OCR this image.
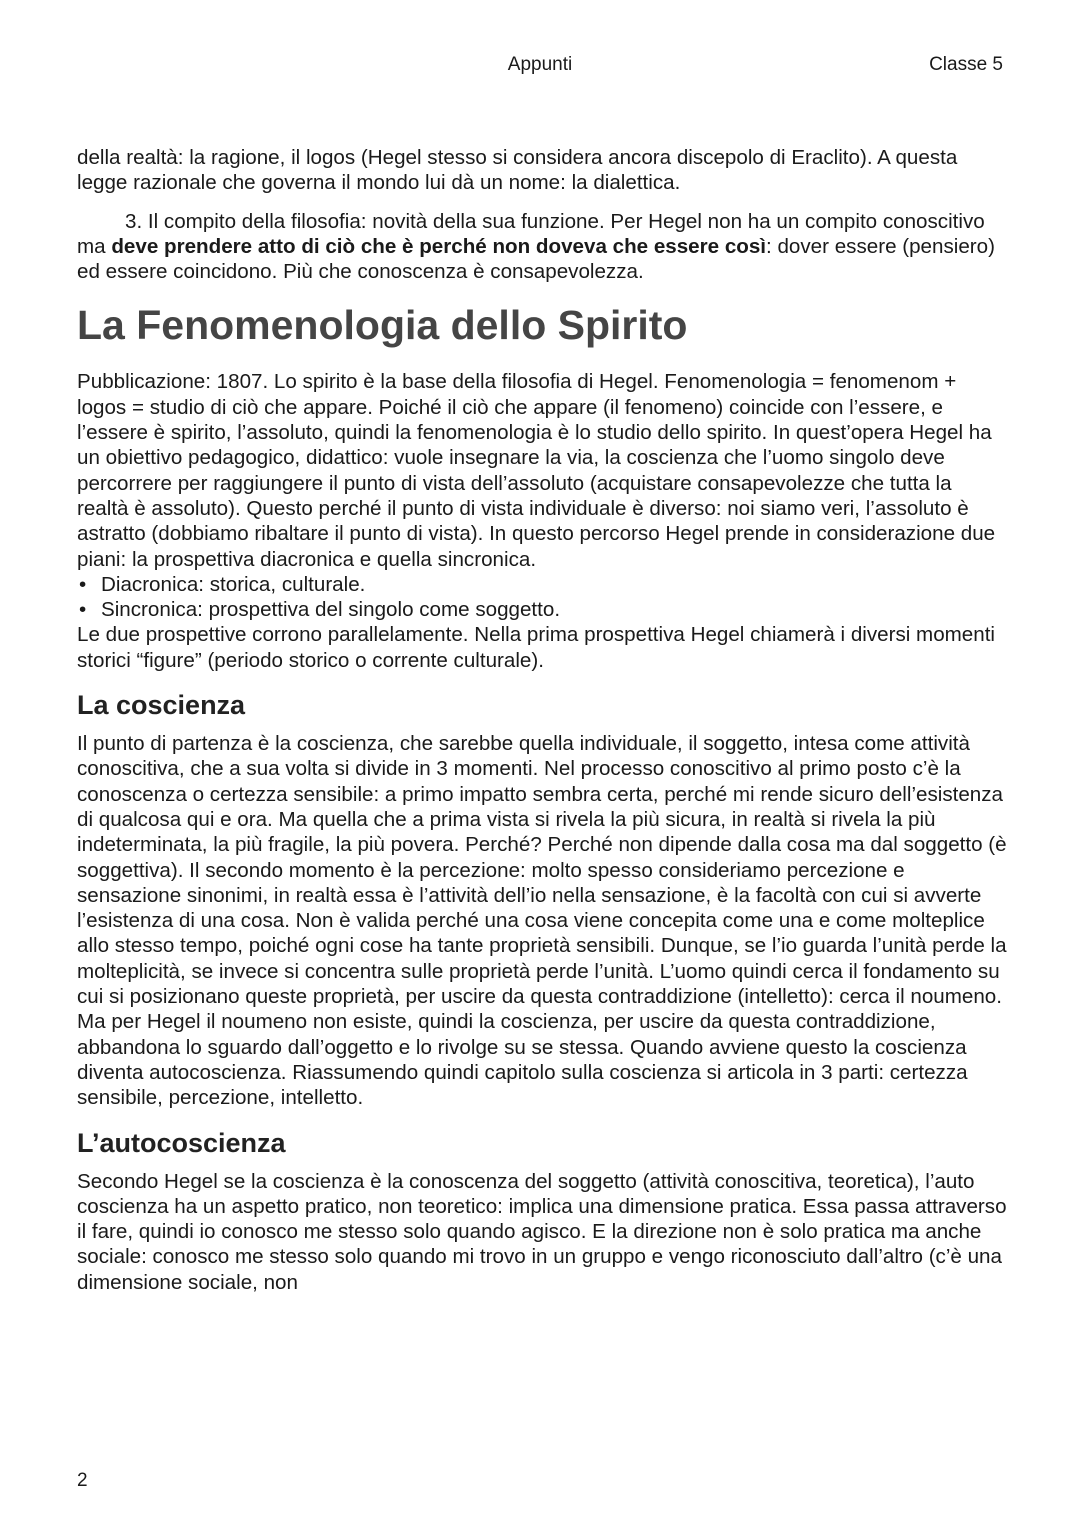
Appunti	Classe 5

della realtà: la ragione, il logos (Hegel stesso si considera ancora discepolo di Eraclito). A questa legge razionale che governa il mondo lui dà un nome: la dialettica.

3. Il compito della filosofia: novità della sua funzione. Per Hegel non ha un compito conoscitivo ma deve prendere atto di ciò che è perché non doveva che essere così: dover essere (pensiero) ed essere coincidono. Più che conoscenza è consapevolezza.

La Fenomenologia dello Spirito

Pubblicazione: 1807. Lo spirito è la base della filosofia di Hegel. Fenomenologia = fenomenom + logos = studio di ciò che appare. Poiché il ciò che appare (il fenomeno) coincide con l’essere, e l’essere è spirito, l’assoluto, quindi la fenomenologia è lo studio dello spirito. In quest’opera Hegel ha un obiettivo pedagogico, didattico: vuole insegnare la via, la coscienza che l’uomo singolo deve percorrere per raggiungere il punto di vista dell’assoluto (acquistare consapevolezze che tutta la realtà è assoluto). Questo perché il punto di vista individuale è diverso: noi siamo veri, l’assoluto è astratto (dobbiamo ribaltare il punto di vista). In questo percorso Hegel prende in considerazione due piani: la prospettiva diacronica e quella sincronica.

• Diacronica: storica, culturale.
• Sincronica: prospettiva del singolo come soggetto.

Le due prospettive corrono parallelamente. Nella prima prospettiva Hegel chiamerà i diversi momenti storici “figure” (periodo storico o corrente culturale).

La coscienza

Il punto di partenza è la coscienza, che sarebbe quella individuale, il soggetto, intesa come attività conoscitiva, che a sua volta si divide in 3 momenti. Nel processo conoscitivo al primo posto c’è la conoscenza o certezza sensibile: a primo impatto sembra certa, perché mi rende sicuro dell’esistenza di qualcosa qui e ora. Ma quella che a prima vista si rivela la più sicura, in realtà si rivela la più indeterminata, la più fragile, la più povera. Perché? Perché non dipende dalla cosa ma dal soggetto (è soggettiva). Il secondo momento è la percezione: molto spesso consideriamo percezione e sensazione sinonimi, in realtà essa è l’attività dell’io nella sensazione, è la facoltà con cui si avverte l’esistenza di una cosa. Non è valida perché una cosa viene concepita come una e come molteplice allo stesso tempo, poiché ogni cose ha tante proprietà sensibili. Dunque, se l’io guarda l’unità perde la molteplicità, se invece si concentra sulle proprietà perde l’unità. L’uomo quindi cerca il fondamento su cui si posizionano queste proprietà, per uscire da questa contraddizione (intelletto): cerca il noumeno. Ma per Hegel il noumeno non esiste, quindi la coscienza, per uscire da questa contraddizione, abbandona lo sguardo dall’oggetto e lo rivolge su se stessa. Quando avviene questo la coscienza diventa autocoscienza. Riassumendo quindi capitolo sulla coscienza si articola in 3 parti: certezza sensibile, percezione, intelletto.

L’autocoscienza

Secondo Hegel se la coscienza è la conoscenza del soggetto (attività conoscitiva, teoretica), l’auto coscienza ha un aspetto pratico, non teoretico: implica una dimensione pratica. Essa passa attraverso il fare, quindi io conosco me stesso solo quando agisco. E la direzione non è solo pratica ma anche sociale: conosco me stesso solo quando mi trovo in un gruppo e vengo riconosciuto dall’altro (c’è una dimensione sociale, non

2
